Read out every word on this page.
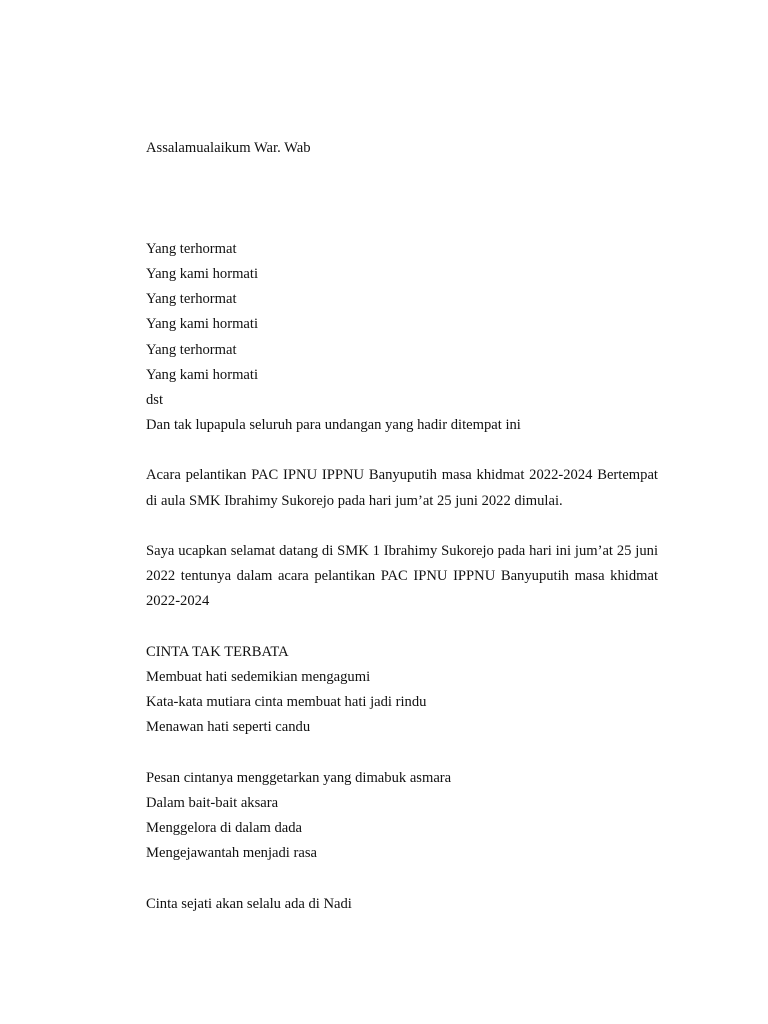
Assalamualaikum War. Wab
Yang terhormat
Yang kami hormati
Yang terhormat
Yang kami hormati
Yang terhormat
Yang kami hormati
dst
Dan tak lupapula seluruh para undangan yang hadir ditempat ini

Acara pelantikan PAC IPNU IPPNU Banyuputih masa khidmat 2022-2024 Bertempat di aula SMK Ibrahimy Sukorejo pada hari jum’at 25 juni 2022 dimulai.

Saya ucapkan selamat datang di SMK 1 Ibrahimy Sukorejo pada hari ini jum’at 25 juni 2022 tentunya dalam acara pelantikan PAC IPNU IPPNU Banyuputih masa khidmat 2022-2024

CINTA TAK TERBATA
Membuat hati sedemikian mengagumi
Kata-kata mutiara cinta membuat hati jadi rindu
Menawan hati seperti candu
Pesan cintanya menggetarkan yang dimabuk asmara
Dalam bait-bait aksara
Menggelora di dalam dada
Mengejawantah menjadi rasa
Cinta sejati akan selalu ada di Nadi
